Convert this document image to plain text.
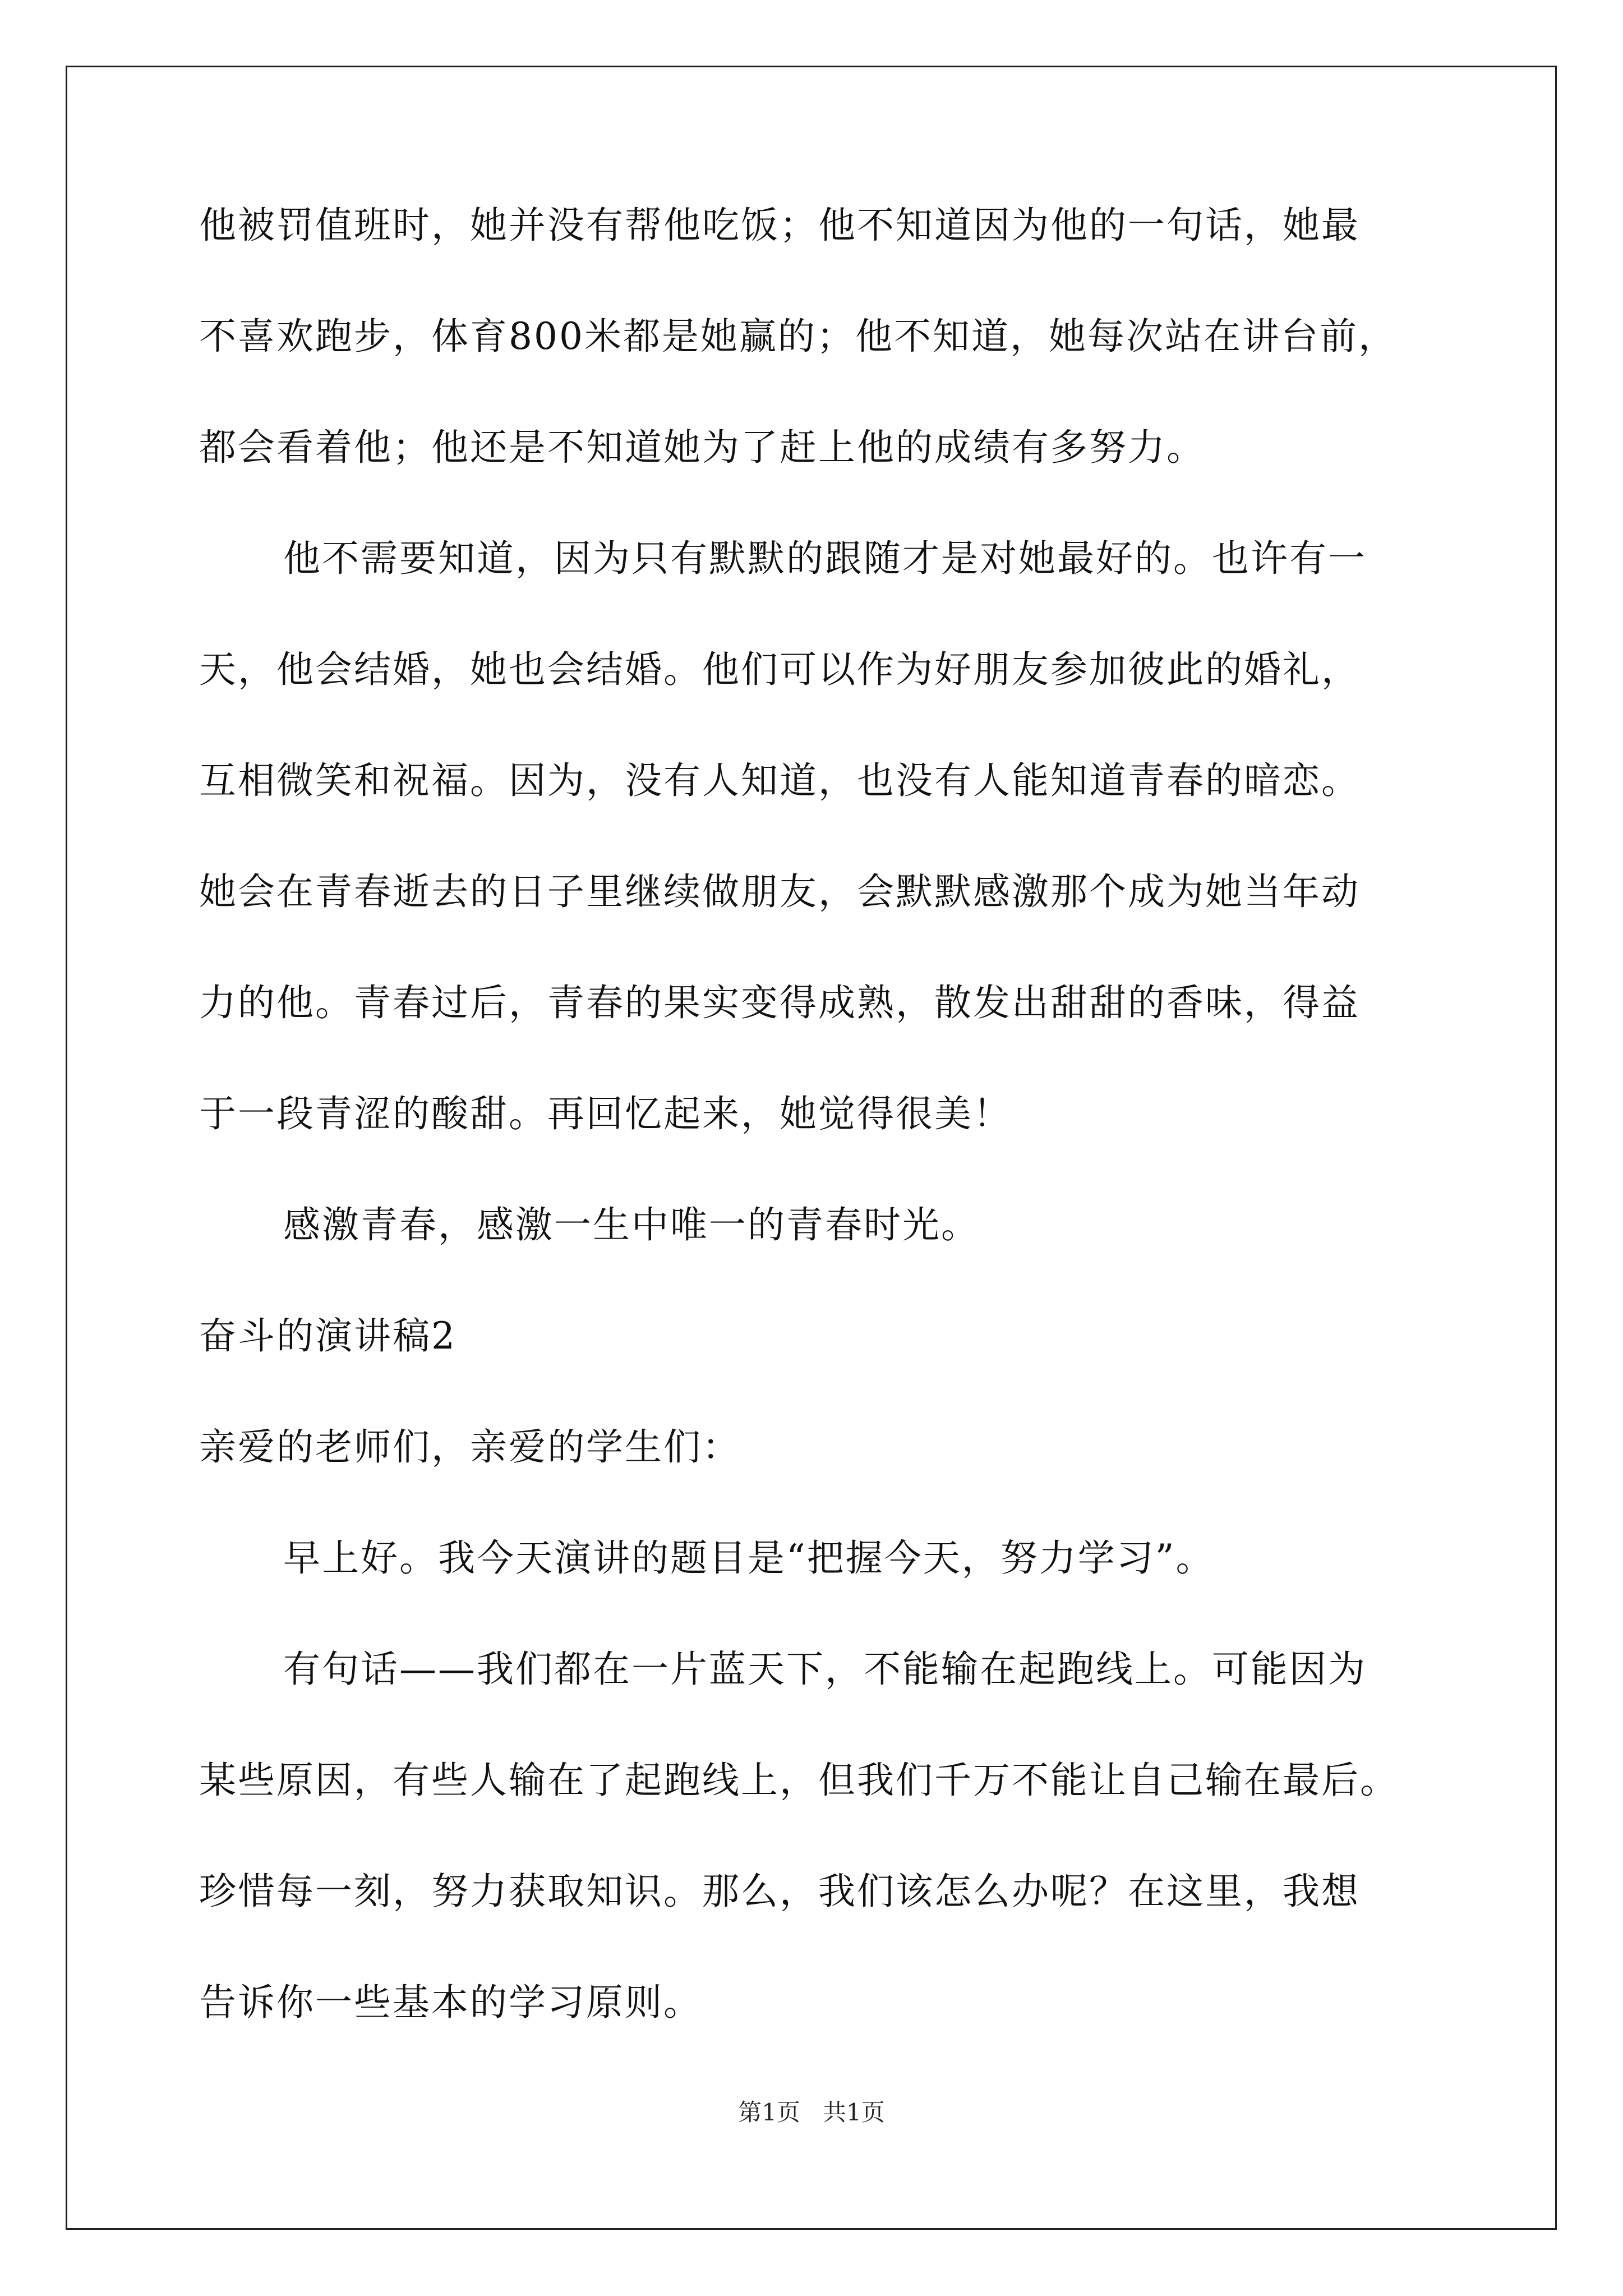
他被罚值班时，她并没有帮他吃饭；他不知道因为他的一句话，她最
不喜欢跑步，体育800米都是她赢的；他不知道，她每次站在讲台前，
都会看着他；他还是不知道她为了赶上他的成绩有多努力。
他不需要知道，因为只有默默的跟随才是对她最好的。也许有一
天，他会结婚，她也会结婚。他们可以作为好朋友参加彼此的婚礼，
互相微笑和祝福。因为，没有人知道，也没有人能知道青春的暗恋。
她会在青春逝去的日子里继续做朋友，会默默感激那个成为她当年动
力的他。青春过后，青春的果实变得成熟，散发出甜甜的香味，得益
于一段青涩的酸甜。再回忆起来，她觉得很美！
感激青春，感激一生中唯一的青春时光。
奋斗的演讲稿2
亲爱的老师们，亲爱的学生们：
早上好。我今天演讲的题目是“把握今天，努力学习”。
有句话——我们都在一片蓝天下，不能输在起跑线上。可能因为
某些原因，有些人输在了起跑线上，但我们千万不能让自己输在最后。
珍惜每一刻，努力获取知识。那么，我们该怎么办呢？在这里，我想
告诉你一些基本的学习原则。
第1页   共1页
